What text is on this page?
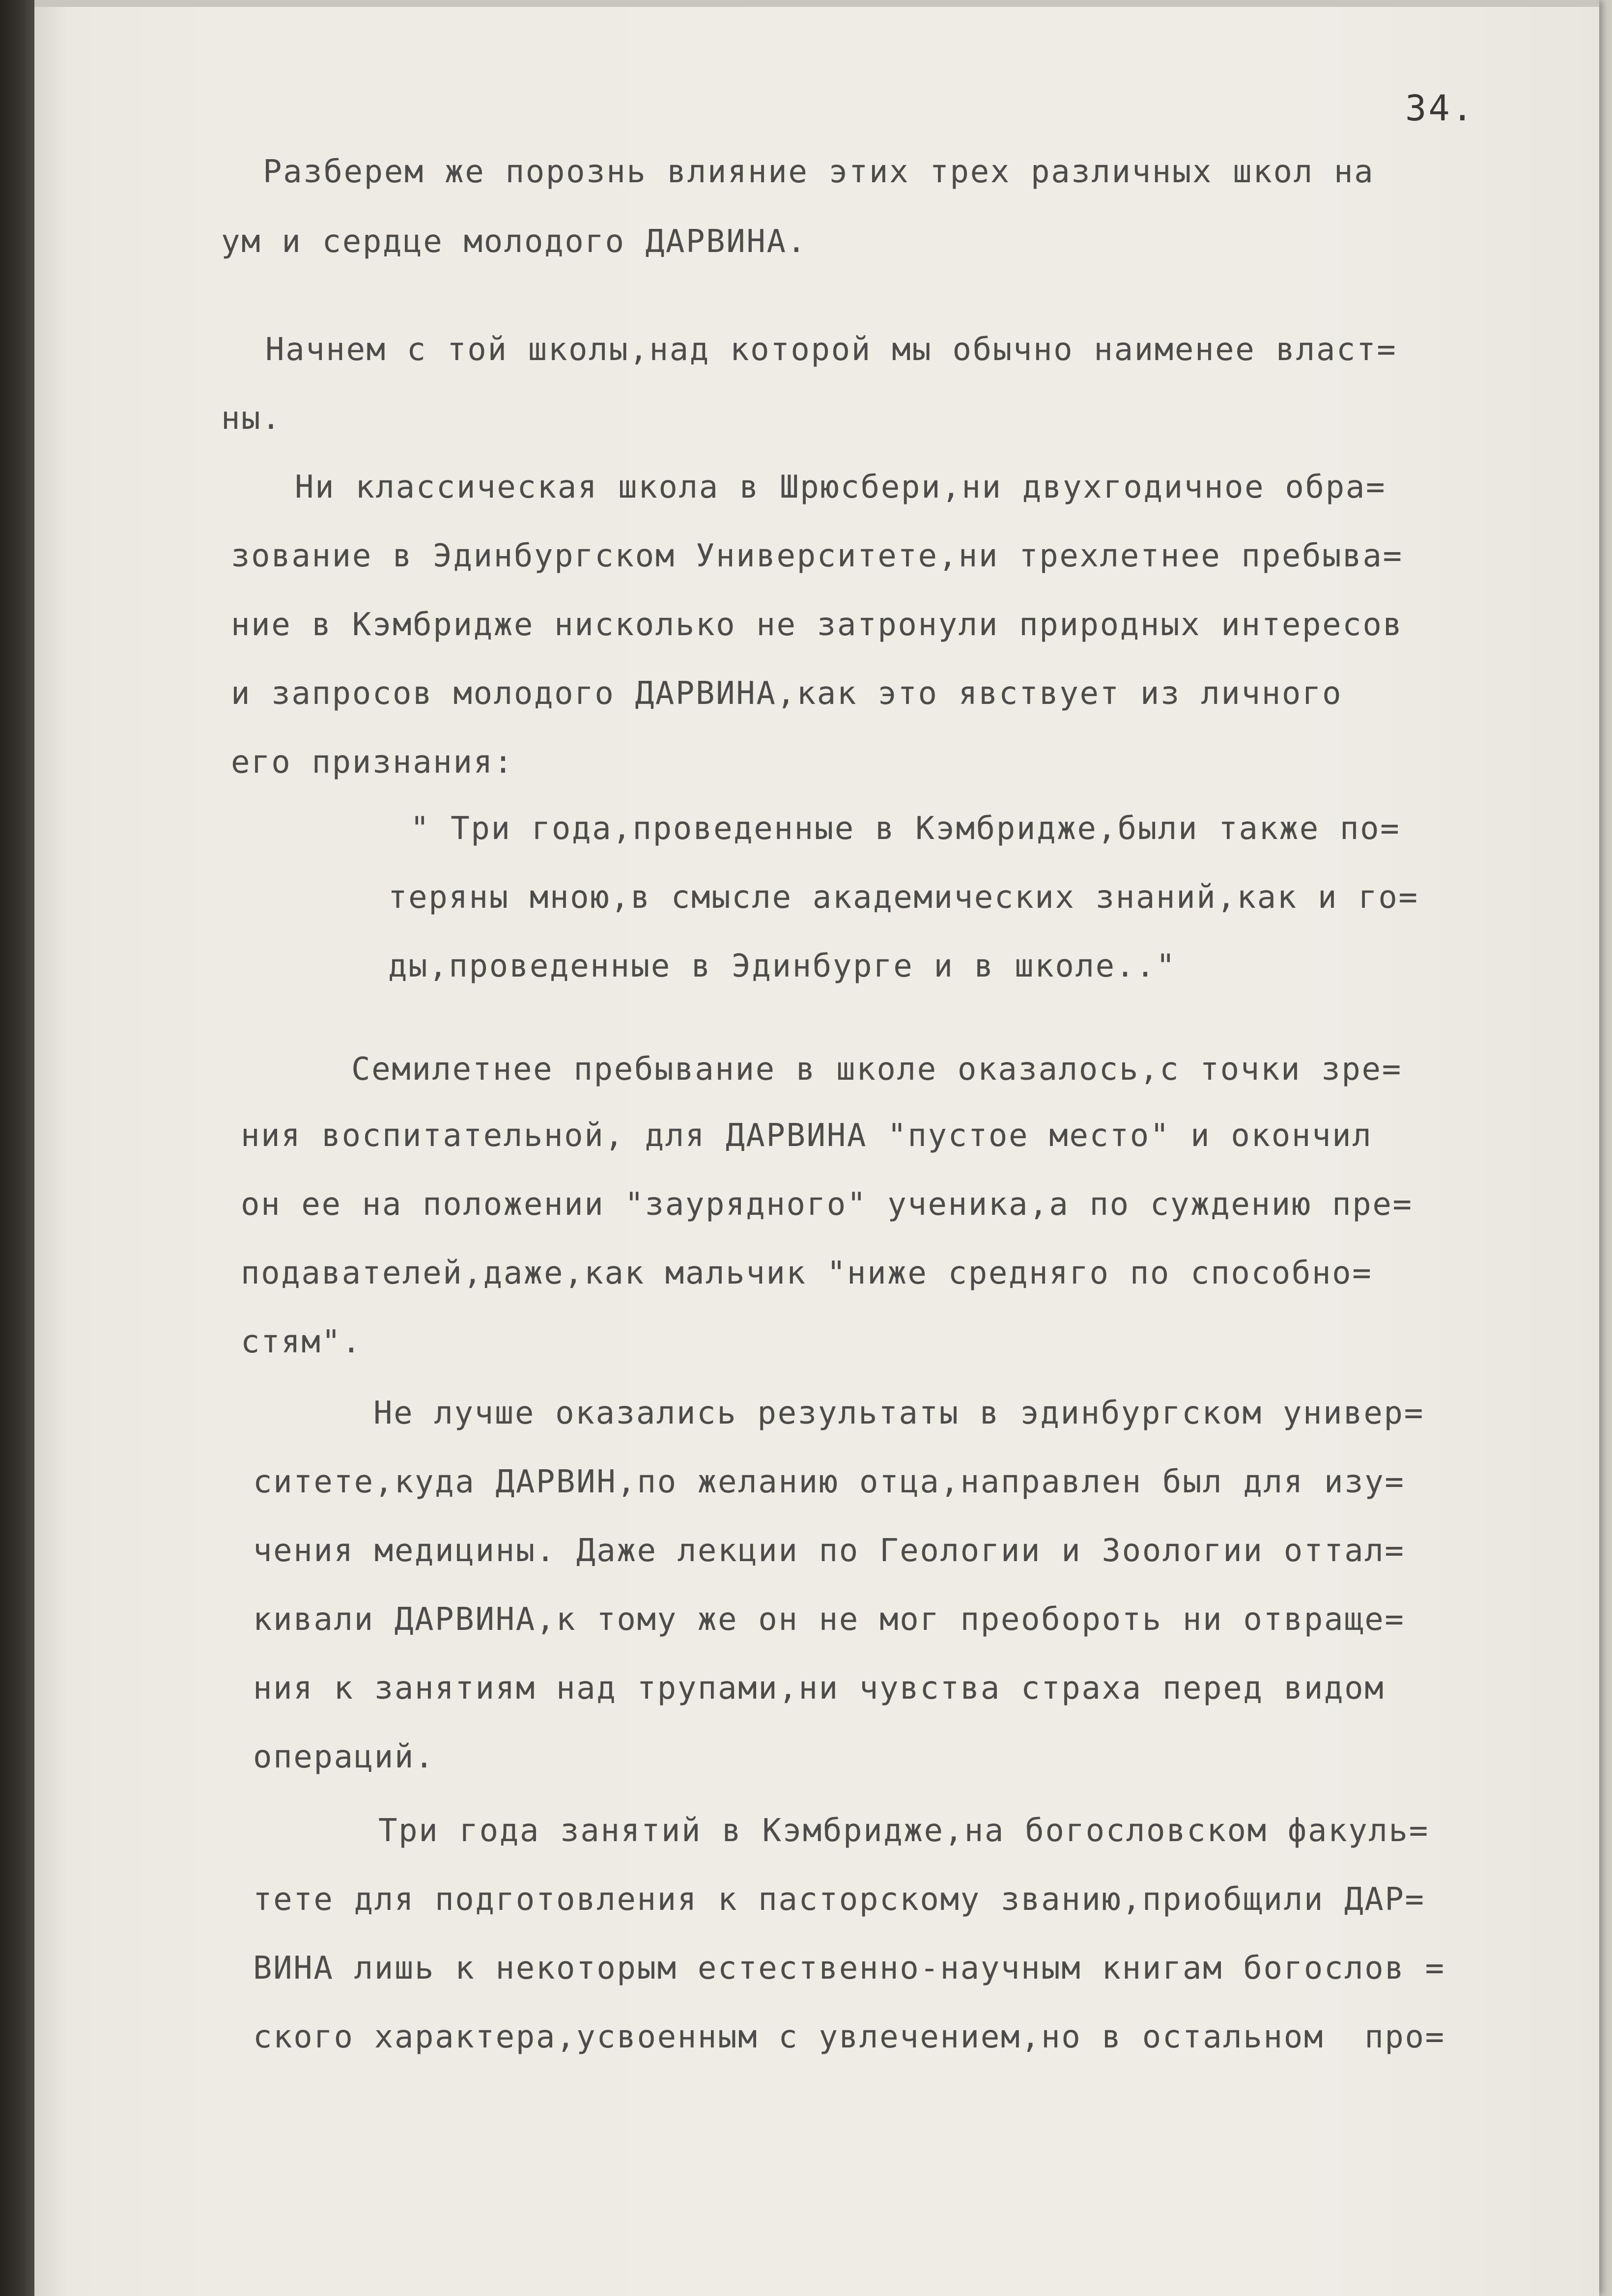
34.
Разберем же порознь влияние этих трех различных школ на
ум и сердце молодого ДАРВИНА.
Начнем с той школы,над которой мы обычно наименее власт=
ны.
Ни классическая школа в Шрюсбери,ни двухгодичное обра=
зование в Эдинбургском Университете,ни трехлетнее пребыва=
ние в Кэмбридже нисколько не затронули природных интересов
и запросов молодого ДАРВИНА,как это явствует из личного
его признания:
" Три года,проведенные в Кэмбридже,были также по=
теряны мною,в смысле академических знаний,как и го=
ды,проведенные в Эдинбурге и в школе.."
Семилетнее пребывание в школе оказалось,с точки зре=
ния воспитательной, для ДАРВИНА "пустое место" и окончил
он ее на положении "заурядного" ученика,а по суждению пре=
подавателей,даже,как мальчик "ниже средняго по способно=
стям".
Не лучше оказались результаты в эдинбургском универ=
ситете,куда ДАРВИН,по желанию отца,направлен был для изу=
чения медицины. Даже лекции по Геологии и Зоологии оттал=
кивали ДАРВИНА,к тому же он не мог преобороть ни отвраще=
ния к занятиям над трупами,ни чувства страха перед видом
операций.
Три года занятий в Кэмбридже,на богословском факуль=
тете для подготовления к пасторскому званию,приобщили ДАР=
ВИНА лишь к некоторым естественно-научным книгам богослов =
ского характера,усвоенным с увлечением,но в остальном  про=
